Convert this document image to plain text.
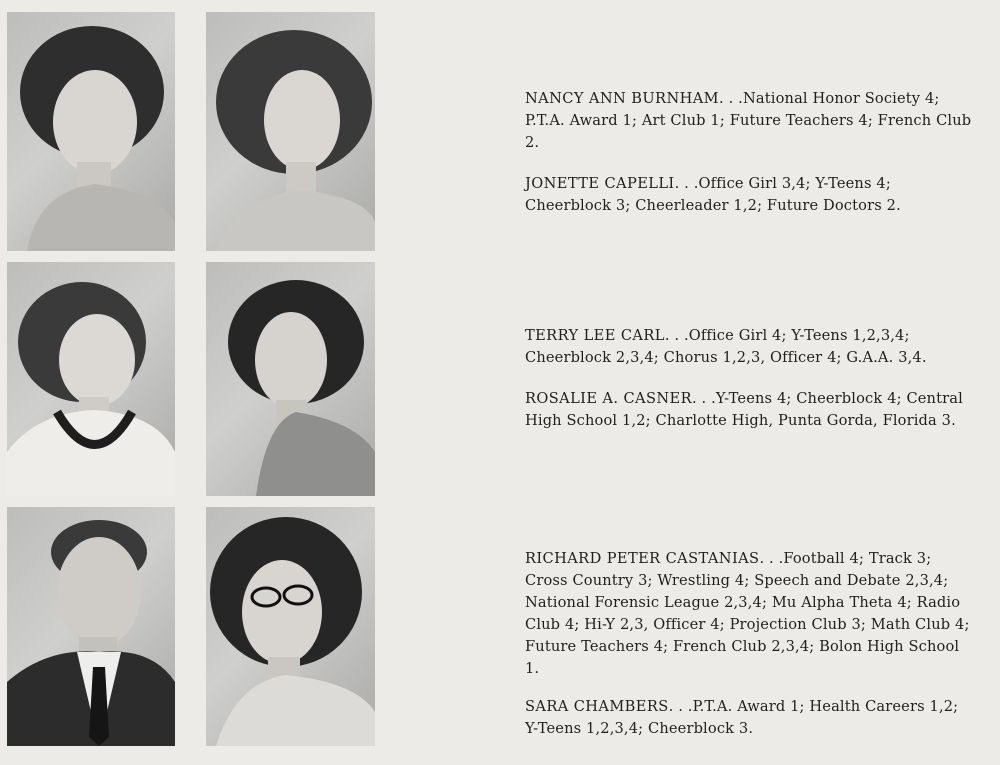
NANCY ANN BURNHAM. . .National Honor Society 4; P.T.A. Award 1; Art Club 1; Future Teachers 4; French Club 2.

JONETTE CAPELLI. . .Office Girl 3,4; Y-Teens 4; Cheerblock 3; Cheerleader 1,2; Future Doctors 2.

TERRY LEE CARL. . .Office Girl 4; Y-Teens 1,2,3,4; Cheerblock 2,3,4; Chorus 1,2,3, Officer 4; G.A.A. 3,4.

ROSALIE A. CASNER. . .Y-Teens 4; Cheerblock 4; Central High School 1,2; Charlotte High, Punta Gorda, Florida 3.

RICHARD PETER CASTANIAS. . .Football 4; Track 3; Cross Country 3; Wrestling 4; Speech and Debate 2,3,4; National Forensic League 2,3,4; Mu Alpha Theta 4; Radio Club 4; Hi-Y 2,3, Officer 4; Projection Club 3; Math Club 4; Future Teachers 4; French Club 2,3,4; Bolon High School 1.

SARA CHAMBERS. . .P.T.A. Award 1; Health Careers 1,2; Y-Teens 1,2,3,4; Cheerblock 3.
